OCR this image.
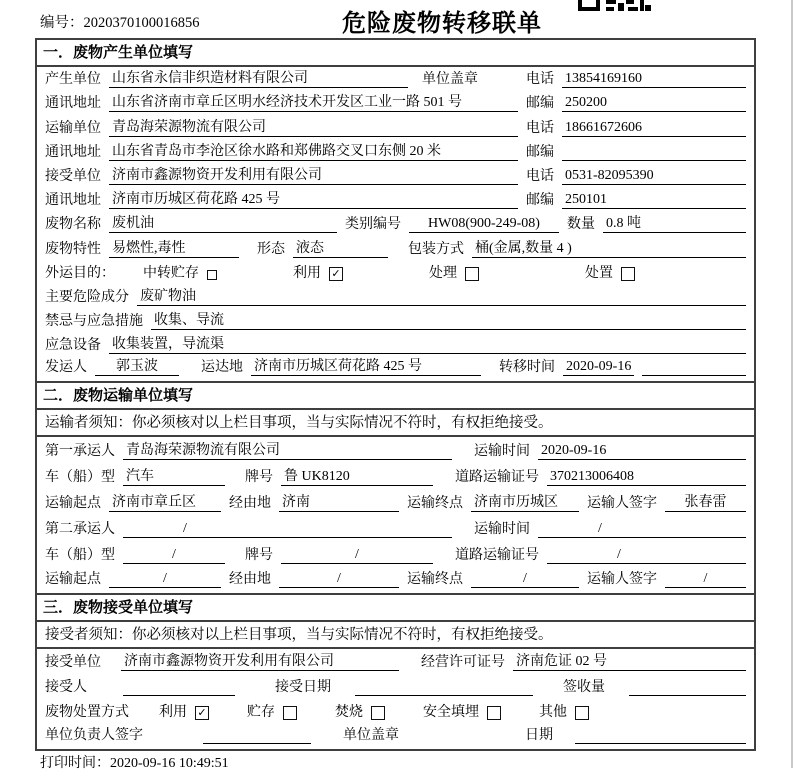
编号：2020370100016856	危险废物转移联单
一．废物产生单位填写
产生单位 山东省永信非织造材料有限公司	单位盖章	电话 13854169160
通讯地址 山东省济南市章丘区明水经济技术开发区工业一路 501 号	邮编 250200
运输单位 青岛海荣源物流有限公司	电话 18661672606
通讯地址 山东省青岛市李沧区徐水路和郑佛路交叉口东侧 20 米	邮编
接受单位 济南市鑫源物资开发利用有限公司	电话 0531-82095390
通讯地址 济南市历城区荷花路 425 号	邮编 250101
废物名称 废机油	类别编号	HW08(900-249-08)	数量 0.8 吨
废物特性 易燃性,毒性	形态 液态	包装方式 桶(金属,数量 4 )
外运目的： 中转贮存	利用 ✓	处理	处置
主要危险成分 废矿物油
禁忌与应急措施 收集、导流
应急设备 收集装置，导流渠
发运人	郭玉波	运达地 济南市历城区荷花路 425 号	转移时间 2020-09-16
二．废物运输单位填写
运输者须知：你必须核对以上栏目事项，当与实际情况不符时，有权拒绝接受。
第一承运人 青岛海荣源物流有限公司	运输时间 2020-09-16
车（船）型 汽车	牌号 鲁 UK8120	道路运输证号 370213006408
运输起点 济南市章丘区	经由地 济南	运输终点 济南市历城区	运输人签字	张春雷
第二承运人	/	运输时间	/
车（船）型	/	牌号	/	道路运输证号	/
运输起点	/	经由地	/	运输终点	/	运输人签字	/
三．废物接受单位填写
接受者须知：你必须核对以上栏目事项，当与实际情况不符时，有权拒绝接受。
接受单位 济南市鑫源物资开发利用有限公司	经营许可证号 济南危证 02 号
接受人	接受日期	签收量
废物处置方式 利用 ✓	贮存	焚烧	安全填埋	其他
单位负责人签字	单位盖章	日期
打印时间：2020-09-16 10:49:51
